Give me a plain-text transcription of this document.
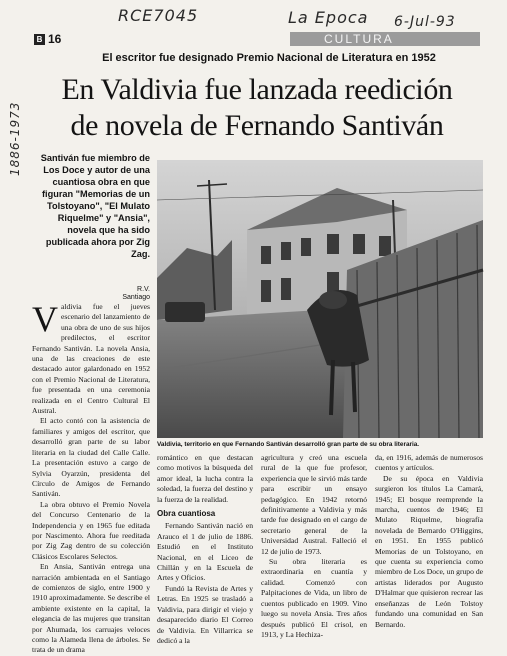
RCE7045	La Epoca 6-Jul-93
1886-1973
B 16	CULTURA
El escritor fue designado Premio Nacional de Literatura en 1952
En Valdivia fue lanzada reedición
de novela de Fernando Santiván
Santiván fue miembro de Los Doce y autor de una cuantiosa obra en que figuran "Memorias de un Tolstoyano", "El Mulato Riquelme" y "Ansia", novela que ha sido publicada ahora por Zig Zag.
R.V.
Santiago

Valdivia fue el jueves escenario del lanzamiento de una obra de uno de sus hijos predilectos, el escritor Fernando Santiván. La novela Ansia, una de las creaciones de este destacado autor galardonado en 1952 con el Premio Nacional de Literatura, fue presentada en una ceremonia realizada en el Centro Cultural El Austral.

El acto contó con la asistencia de familiares y amigos del escritor, que desarrolló gran parte de su labor literaria en la ciudad del Calle Calle. La presentación estuvo a cargo de Sylvia Oyarzún, presidenta del Círculo de Amigos de Fernando Santiván.

La obra obtuvo el Premio Novela del Concurso Centenario de la Independencia y en 1965 fue editada por Nascimento. Ahora fue reeditada por Zig Zag dentro de su colección Clásicos Escolares Selectos.

En Ansia, Santiván entrega una narración ambientada en el Santiago de comienzos de siglo, entre 1900 y 1910 aproximadamente. Se describe el ambiente existente en la capital, la elegancia de las mujeres que transitan por Ahumada, los carruajes veloces como la Alameda llena de árboles. Se trata de un drama

Valdivia, territorio en que Fernando Santiván desarrolló gran parte de su obra literaria.

romántico en que destacan como motivos la búsqueda del amor ideal, la lucha contra la soledad, la fuerza del destino y la fuerza de la realidad.

Obra cuantiosa

Fernando Santiván nació en Arauco el 1 de julio de 1886. Estudió en el Instituto Nacional, en el Liceo de Chillán y en la Escuela de Artes y Oficios.

Fundó la Revista de Artes y Letras. En 1925 se trasladó a Valdivia, para dirigir el viejo y desaparecido diario El Correo de Valdivia. En Villarrica se dedicó a la

agricultura y creó una escuela rural de la que fue profesor, experiencia que le sirvió más tarde para escribir un ensayo pedagógico. En 1942 retornó definitivamente a Valdivia y más tarde fue designado en el cargo de secretario general de la Universidad Austral. Falleció el 12 de julio de 1973.

Su obra literaria es extraordinaria en cuantía y calidad. Comenzó con Palpitaciones de Vida, un libro de cuentos publicado en 1909. Vino luego su novela Ansia. Tres años después publicó El crisol, en 1913, y La Hechiza-

da, en 1916, además de numerosos cuentos y artículos.

De su época en Valdivia surgieron los títulos La Camará, 1945; El bosque reemprende la marcha, cuentos de 1946; El Mulato Riquelme, biografía novelada de Bernardo O'Higgins, en 1951. En 1955 publicó Memorias de un Tolstoyano, en que cuenta su experiencia como miembro de Los Doce, un grupo de artistas liderados por Augusto D'Halmar que quisieron recrear las enseñanzas de León Tolstoy fundando una comunidad en San Bernardo.
